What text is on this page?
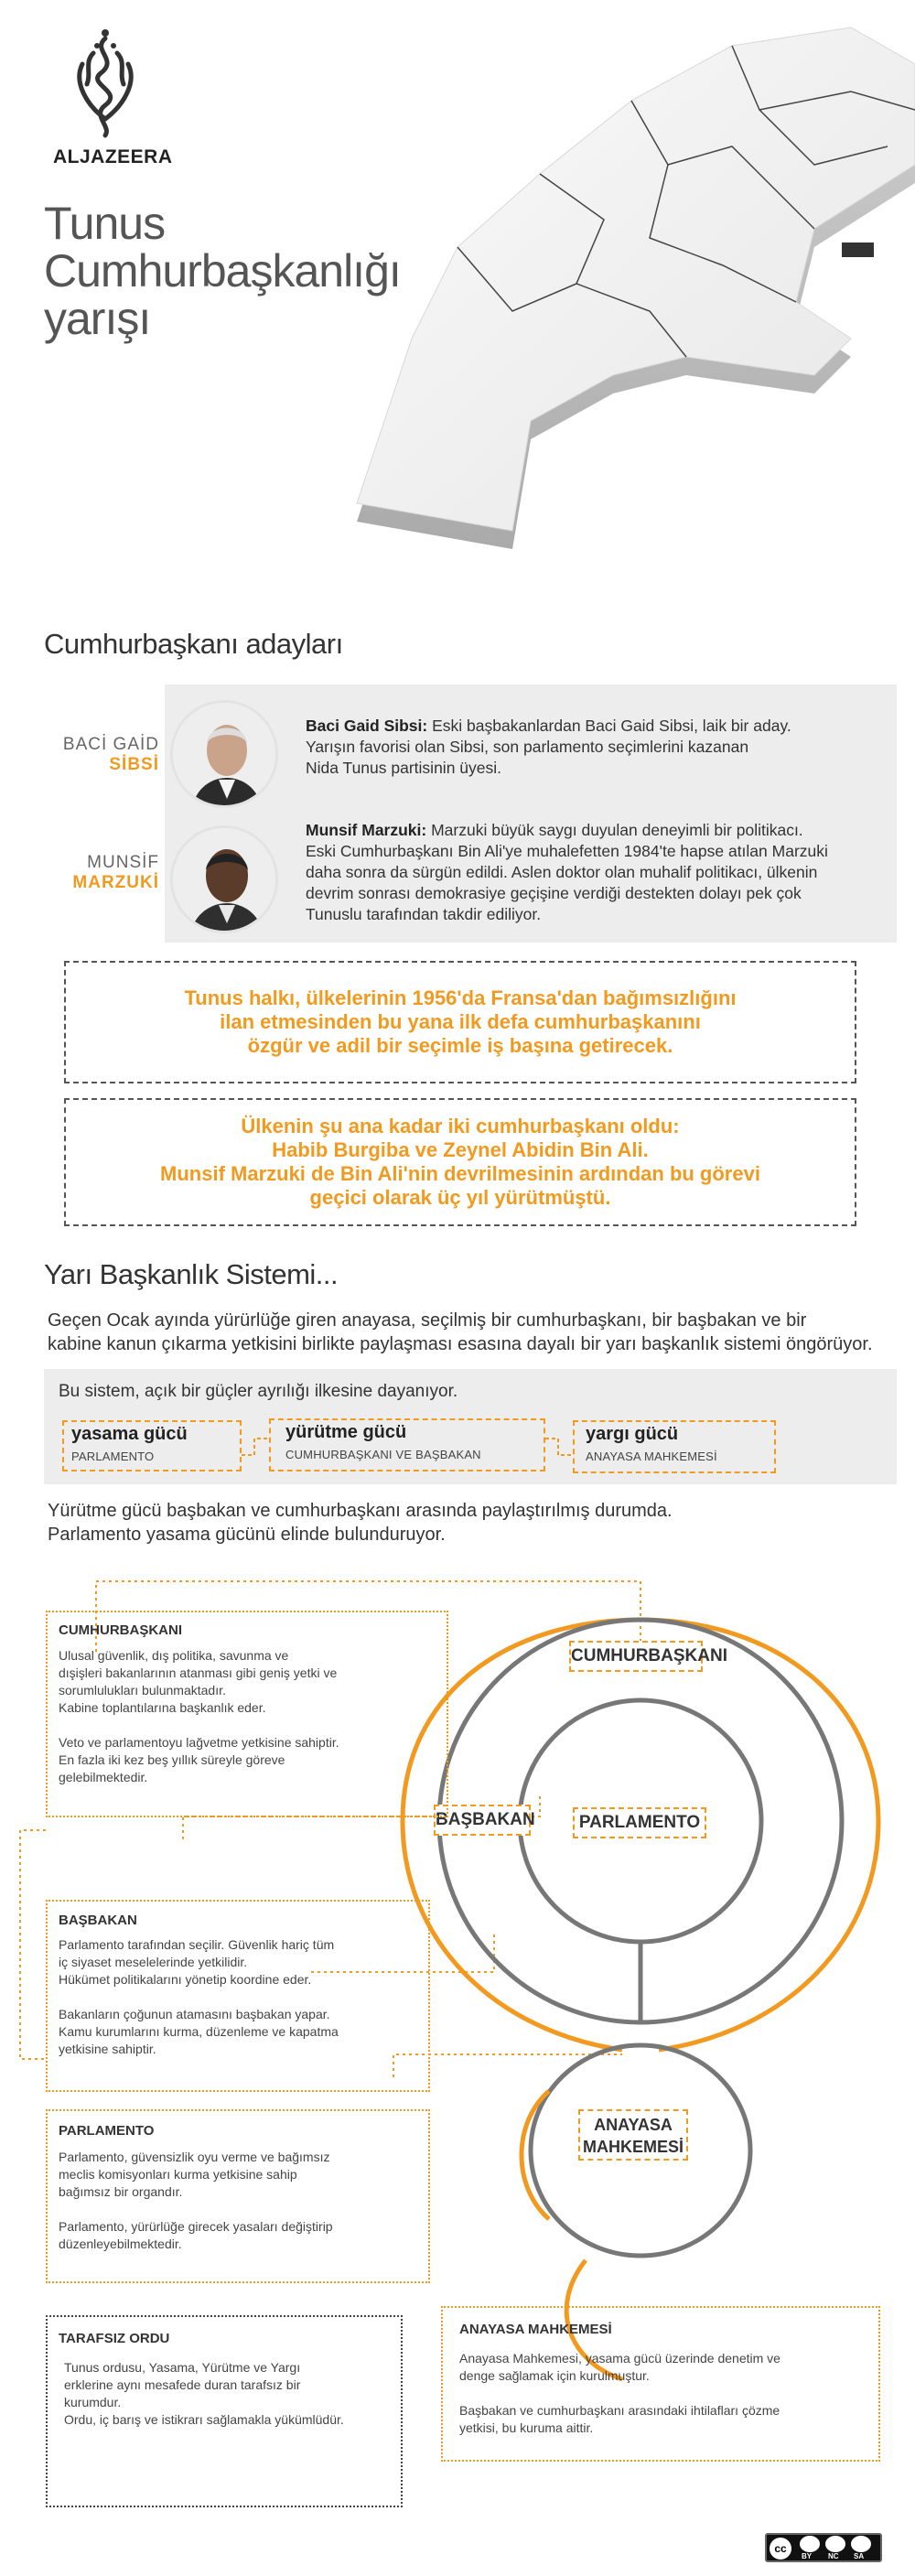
ALJAZEERA
Tunus
Cumhurbaşkanlığı
yarışı
Cumhurbaşkanı adayları
BACİ GAİD
SİBSİ
Baci Gaid Sibsi: Eski başbakanlardan Baci Gaid Sibsi, laik bir aday.
Yarışın favorisi olan Sibsi, son parlamento seçimlerini kazanan
Nida Tunus partisinin üyesi.
MUNSİF
MARZUKİ
Munsif Marzuki: Marzuki büyük saygı duyulan deneyimli bir politikacı.
Eski Cumhurbaşkanı Bin Ali'ye muhalefetten 1984'te hapse atılan Marzuki
daha sonra da sürgün edildi. Aslen doktor olan muhalif politikacı, ülkenin
devrim sonrası demokrasiye geçişine verdiği destekten dolayı pek çok
Tunuslu tarafından takdir ediliyor.
Tunus halkı, ülkelerinin 1956'da Fransa'dan bağımsızlığını
ilan etmesinden bu yana ilk defa cumhurbaşkanını
özgür ve adil bir seçimle iş başına getirecek.
Ülkenin şu ana kadar iki cumhurbaşkanı oldu:
Habib Burgiba ve Zeynel Abidin Bin Ali.
Munsif Marzuki de Bin Ali'nin devrilmesinin ardından bu görevi
geçici olarak üç yıl yürütmüştü.
Yarı Başkanlık Sistemi...
Geçen Ocak ayında yürürlüğe giren anayasa, seçilmiş bir cumhurbaşkanı, bir başbakan ve bir
kabine kanun çıkarma yetkisini birlikte paylaşması esasına dayalı bir yarı başkanlık sistemi öngörüyor.
Bu sistem, açık bir güçler ayrılığı ilkesine dayanıyor.
yasama gücü
PARLAMENTO
yürütme gücü
CUMHURBAŞKANI VE BAŞBAKAN
yargı gücü
ANAYASA MAHKEMESİ
Yürütme gücü başbakan ve cumhurbaşkanı arasında paylaştırılmış durumda.
Parlamento yasama gücünü elinde bulunduruyor.
CUMHURBAŞKANI
BAŞBAKAN	PARLAMENTO
ANAYASA
MAHKEMESİ
CUMHURBAŞKANI
Ulusal güvenlik, dış politika, savunma ve
dışişleri bakanlarının atanması gibi geniş yetki ve
sorumlulukları bulunmaktadır.
Kabine toplantılarına başkanlık eder.

Veto ve parlamentoyu lağvetme yetkisine sahiptir.
En fazla iki kez beş yıllık süreyle göreve
gelebilmektedir.
BAŞBAKAN
Parlamento tarafından seçilir. Güvenlik hariç tüm
iç siyaset meselelerinde yetkilidir.
Hükümet politikalarını yönetip koordine eder.

Bakanların çoğunun atamasını başbakan yapar.
Kamu kurumlarını kurma, düzenleme ve kapatma
yetkisine sahiptir.
PARLAMENTO
Parlamento, güvensizlik oyu verme ve bağımsız
meclis komisyonları kurma yetkisine sahip
bağımsız bir organdır.

Parlamento, yürürlüğe girecek yasaları değiştirip
düzenleyebilmektedir.
TARAFSIZ ORDU
Tunus ordusu, Yasama, Yürütme ve Yargı
erklerine aynı mesafede duran tarafsız bir
kurumdur.
Ordu, iç barış ve istikrarı sağlamakla yükümlüdür.
ANAYASA MAHKEMESİ
Anayasa Mahkemesi, yasama gücü üzerinde denetim ve
denge sağlamak için kurulmuştur.

Başbakan ve cumhurbaşkanı arasındaki ihtilafları çözme
yetkisi, bu kuruma aittir.
cc
BY NC SA
